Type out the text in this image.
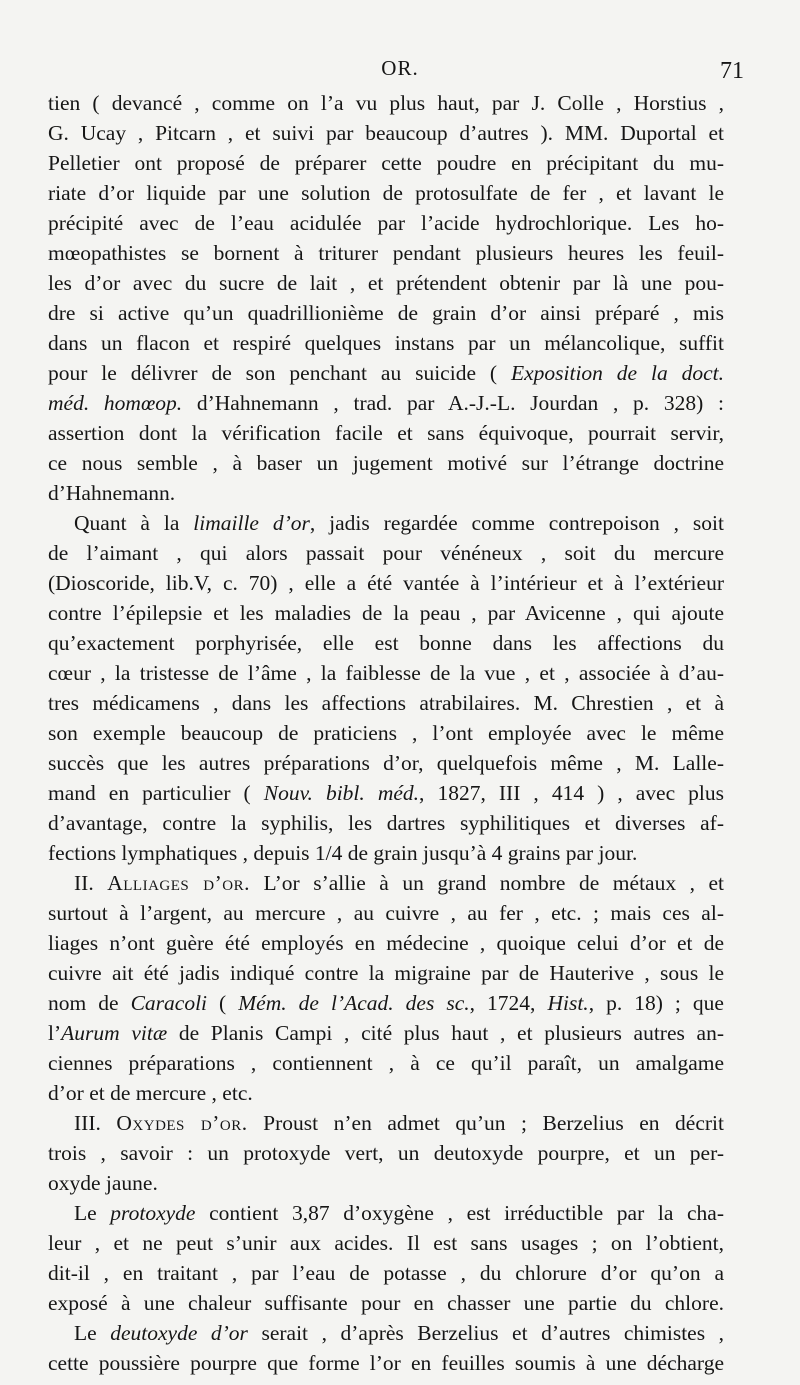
OR.	71
tien ( devancé , comme on l’a vu plus haut, par J. Colle , Horstius ,
G. Ucay , Pitcarn , et suivi par beaucoup d’autres ). MM. Duportal et
Pelletier ont proposé de préparer cette poudre en précipitant du mu-
riate d’or liquide par une solution de protosulfate de fer , et lavant le
précipité avec de l’eau acidulée par l’acide hydrochlorique. Les ho-
mœopathistes se bornent à triturer pendant plusieurs heures les feuil-
les d’or avec du sucre de lait , et prétendent obtenir par là une pou-
dre si active qu’un quadrillionième de grain d’or ainsi préparé , mis
dans un flacon et respiré quelques instans par un mélancolique, suffit
pour le délivrer de son penchant au suicide ( Exposition de la doct.
méd. homœop. d’Hahnemann , trad. par A.-J.-L. Jourdan , p. 328) :
assertion dont la vérification facile et sans équivoque, pourrait servir,
ce nous semble , à baser un jugement motivé sur l’étrange doctrine
d’Hahnemann.
Quant à la limaille d’or, jadis regardée comme contrepoison , soit
de l’aimant , qui alors passait pour vénéneux , soit du mercure
(Dioscoride, lib.V, c. 70) , elle a été vantée à l’intérieur et à l’extérieur
contre l’épilepsie et les maladies de la peau , par Avicenne , qui ajoute
qu’exactement porphyrisée, elle est bonne dans les affections du
cœur , la tristesse de l’âme , la faiblesse de la vue , et , associée à d’au-
tres médicamens , dans les affections atrabilaires. M. Chrestien , et à
son exemple beaucoup de praticiens , l’ont employée avec le même
succès que les autres préparations d’or, quelquefois même , M. Lalle-
mand en particulier ( Nouv. bibl. méd., 1827, III , 414 ) , avec plus
d’avantage, contre la syphilis, les dartres syphilitiques et diverses af-
fections lymphatiques , depuis 1/4 de grain jusqu’à 4 grains par jour.
II. Alliages d’or. L’or s’allie à un grand nombre de métaux , et
surtout à l’argent, au mercure , au cuivre , au fer , etc. ; mais ces al-
liages n’ont guère été employés en médecine , quoique celui d’or et de
cuivre ait été jadis indiqué contre la migraine par de Hauterive , sous le
nom de Caracoli ( Mém. de l’Acad. des sc., 1724, Hist., p. 18) ; que
l’Aurum vitæ de Planis Campi , cité plus haut , et plusieurs autres an-
ciennes préparations , contiennent , à ce qu’il paraît, un amalgame
d’or et de mercure , etc.
III. Oxydes d’or. Proust n’en admet qu’un ; Berzelius en décrit
trois , savoir : un protoxyde vert, un deutoxyde pourpre, et un per-
oxyde jaune.
Le protoxyde contient 3,87 d’oxygène , est irréductible par la cha-
leur , et ne peut s’unir aux acides. Il est sans usages ; on l’obtient,
dit-il , en traitant , par l’eau de potasse , du chlorure d’or qu’on a
exposé à une chaleur suffisante pour en chasser une partie du chlore.
Le deutoxyde d’or serait , d’après Berzelius et d’autres chimistes ,
cette poussière pourpre que forme l’or en feuilles soumis à une décharge
